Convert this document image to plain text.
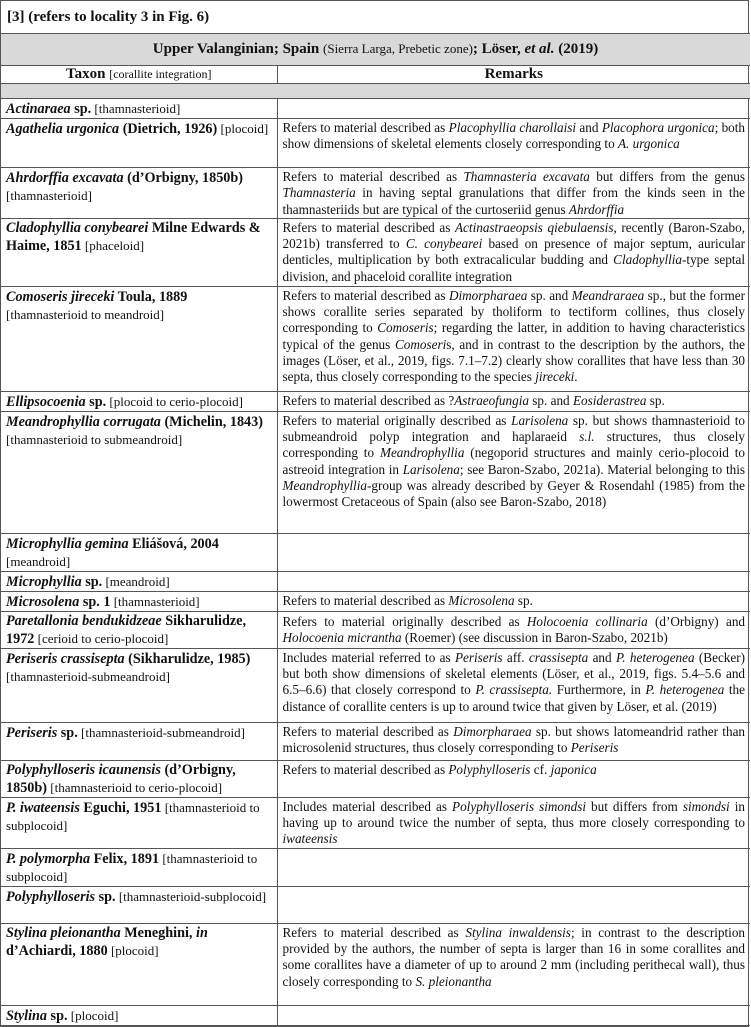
[3] (refers to locality 3 in Fig. 6)	
Upper Valanginian; Spain (Sierra Larga, Prebetic zone); Löser, et al. (2019)	
Taxon [corallite integration]	Remarks

Actinaraea sp. [thamnasterioid]	
Agathelia urgonica (Dietrich, 1926) [plocoid]	Refers to material described as Placophyllia charollaisi and Placophora urgonica; both show dimensions of skeletal elements closely corresponding to A. urgonica
Ahrdorffia excavata (d’Orbigny, 1850b) [thamnasterioid]	Refers to material described as Thamnasteria excavata but differs from the genus Thamnasteria in having septal granulations that differ from the kinds seen in the thamnasteriids but are typical of the curtoseriid genus Ahrdorffia
Cladophyllia conybearei Milne Edwards & Haime, 1851 [phaceloid]	Refers to material described as Actinastraeopsis qiebulaensis, recently (Baron-Szabo, 2021b) transferred to C. conybearei based on presence of major septum, auricular denticles, multiplication by both extracalicular budding and Cladophyllia-type septal division, and phaceloid corallite integration
Comoseris jireceki Toula, 1889 [thamnasterioid to meandroid]	Refers to material described as Dimorpharaea sp. and Meandraraea sp., but the former shows corallite series separated by tholiform to tectiform collines, thus closely corresponding to Comoseris; regarding the latter, in addition to having characteristics typical of the genus Comoseris, and in contrast to the description by the authors, the images (Löser, et al., 2019, figs. 7.1–7.2) clearly show corallites that have less than 30 septa, thus closely corresponding to the species jireceki.
Ellipsocoenia sp. [plocoid to cerio-plocoid]	Refers to material described as ?Astraeofungia sp. and Eosiderastrea sp.
Meandrophyllia corrugata (Michelin, 1843) [thamnasterioid to submeandroid]	Refers to material originally described as Larisolena sp. but shows thamnasterioid to submeandroid polyp integration and haplaraeid s.l. structures, thus closely corresponding to Meandrophyllia (negoporid structures and mainly cerio-plocoid to astreoid integration in Larisolena; see Baron-Szabo, 2021a). Material belonging to this Meandrophyllia-group was already described by Geyer & Rosendahl (1985) from the lowermost Cretaceous of Spain (also see Baron-Szabo, 2018)
Microphyllia gemina Eliášová, 2004 [meandroid]	
Microphyllia sp. [meandroid]	
Microsolena sp. 1 [thamnasterioid]	Refers to material described as Microsolena sp.
Paretallonia bendukidzeae Sikharulidze, 1972 [cerioid to cerio-plocoid]	Refers to material originally described as Holocoenia collinaria (d’Orbigny) and Holocoenia micrantha (Roemer) (see discussion in Baron-Szabo, 2021b)
Periseris crassisepta (Sikharulidze, 1985) [thamnasterioid-submeandroid]	Includes material referred to as Periseris aff. crassisepta and P. heterogenea (Becker) but both show dimensions of skeletal elements (Löser, et al., 2019, figs. 5.4–5.6 and 6.5–6.6) that closely correspond to P. crassisepta. Furthermore, in P. heterogenea the distance of corallite centers is up to around twice that given by Löser, et al. (2019)
Periseris sp. [thamnasterioid-submeandroid]	Refers to material described as Dimorpharaea sp. but shows latomeandrid rather than microsolenid structures, thus closely corresponding to Periseris
Polyphylloseris icaunensis (d’Orbigny, 1850b) [thamnasterioid to cerio-plocoid]	Refers to material described as Polyphylloseris cf. japonica
P. iwateensis Eguchi, 1951 [thamnasterioid to subplocoid]	Includes material described as Polyphylloseris simondsi but differs from simondsi in having up to around twice the number of septa, thus more closely corresponding to iwateensis
P. polymorpha Felix, 1891 [thamnasterioid to subplocoid]	
Polyphylloseris sp. [thamnasterioid-subplocoid]	
Stylina pleionantha Meneghini, in d’Achiardi, 1880 [plocoid]	Refers to material described as Stylina inwaldensis; in contrast to the description provided by the authors, the number of septa is larger than 16 in some corallites and some corallites have a diameter of up to around 2 mm (including perithecal wall), thus closely corresponding to S. pleionantha
Stylina sp. [plocoid]	
